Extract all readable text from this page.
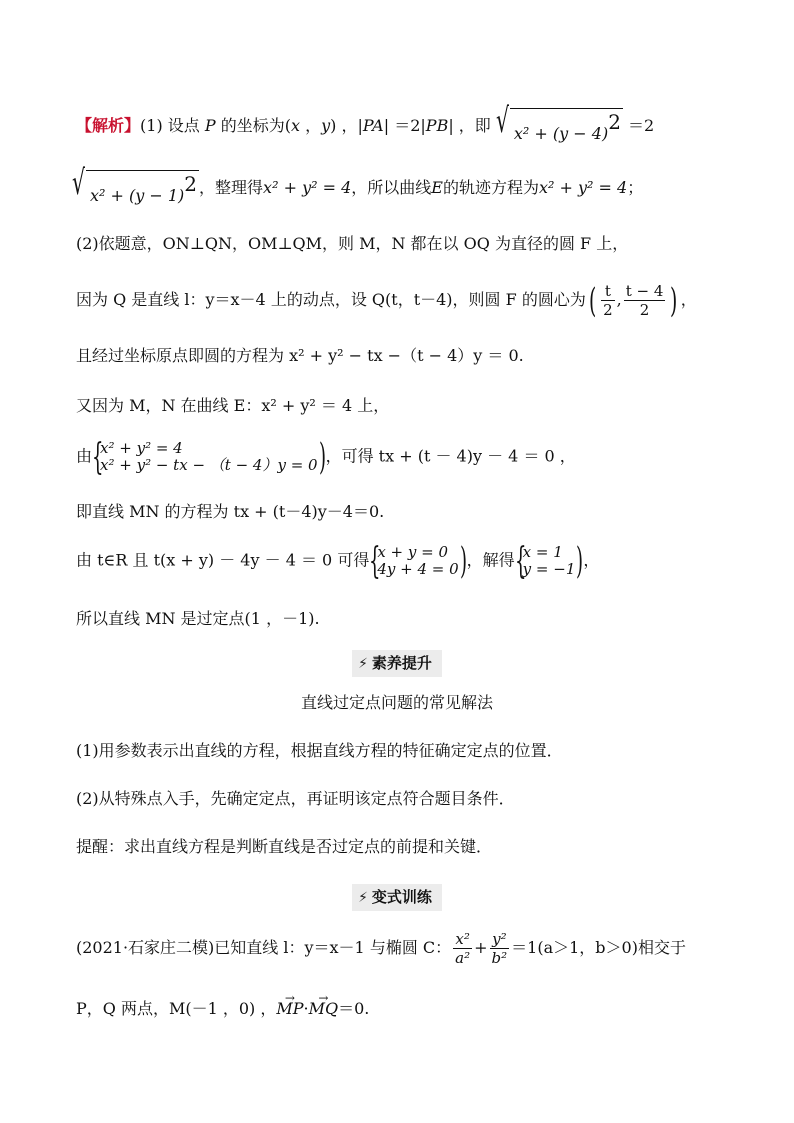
【解析】(1) 设点 P 的坐标为(x ，y) ，|PA| ＝2|PB| ，即 √ x² + (y − 4)2 ＝2
√ x² + (y − 1)2 ，整理得x² + y² = 4，所以曲线E的轨迹方程为x² + y² = 4；
(2)依题意，ON⊥QN，OM⊥QM，则 M，N 都在以 OQ 为直径的圆 F 上，
因为 Q 是直线 l：y＝x－4 上的动点，设 Q(t，t－4)，则圆 F 的圆心为( $\frac{t}{2}$ , $\frac{t - 4}{2}$ ) ，
且经过坐标原点即圆的方程为 x² + y² − tx −（t − 4）y ＝ 0.
又因为 M，N 在曲线 E：x² + y² ＝ 4 上，
由 {
x² + y² = 4
x² + y² − tx − （t − 4）y = 0 ) ，可得 tx + (t － 4)y － 4 ＝ 0 ，
即直线 MN 的方程为 tx + (t－4)y－4＝0.
由 t∈R 且 t(x + y) － 4y － 4 ＝ 0 可得 {
x + y = 0
4y + 4 = 0 ) ，解得 {
x = 1
y = −1 ) ，
所以直线 MN 是过定点(1 ，－1).
⚡ 素养提升
直线过定点问题的常见解法
(1)用参数表示出直线的方程，根据直线方程的特征确定定点的位置．
(2)从特殊点入手，先确定定点，再证明该定点符合题目条件．
提醒：求出直线方程是判断直线是否过定点的前提和关键．
⚡ 变式训练
(2021·石家庄二模)已知直线 l：y＝x－1 与椭圆 C： $\frac{\text{x²}}{\text{a²}} + \frac{\text{y²}}{\text{b²}} =1(a>1$，b＞0)相交于
P，Q 两点，M(－1 ，0) ，→ MP·→ MQ＝0.
